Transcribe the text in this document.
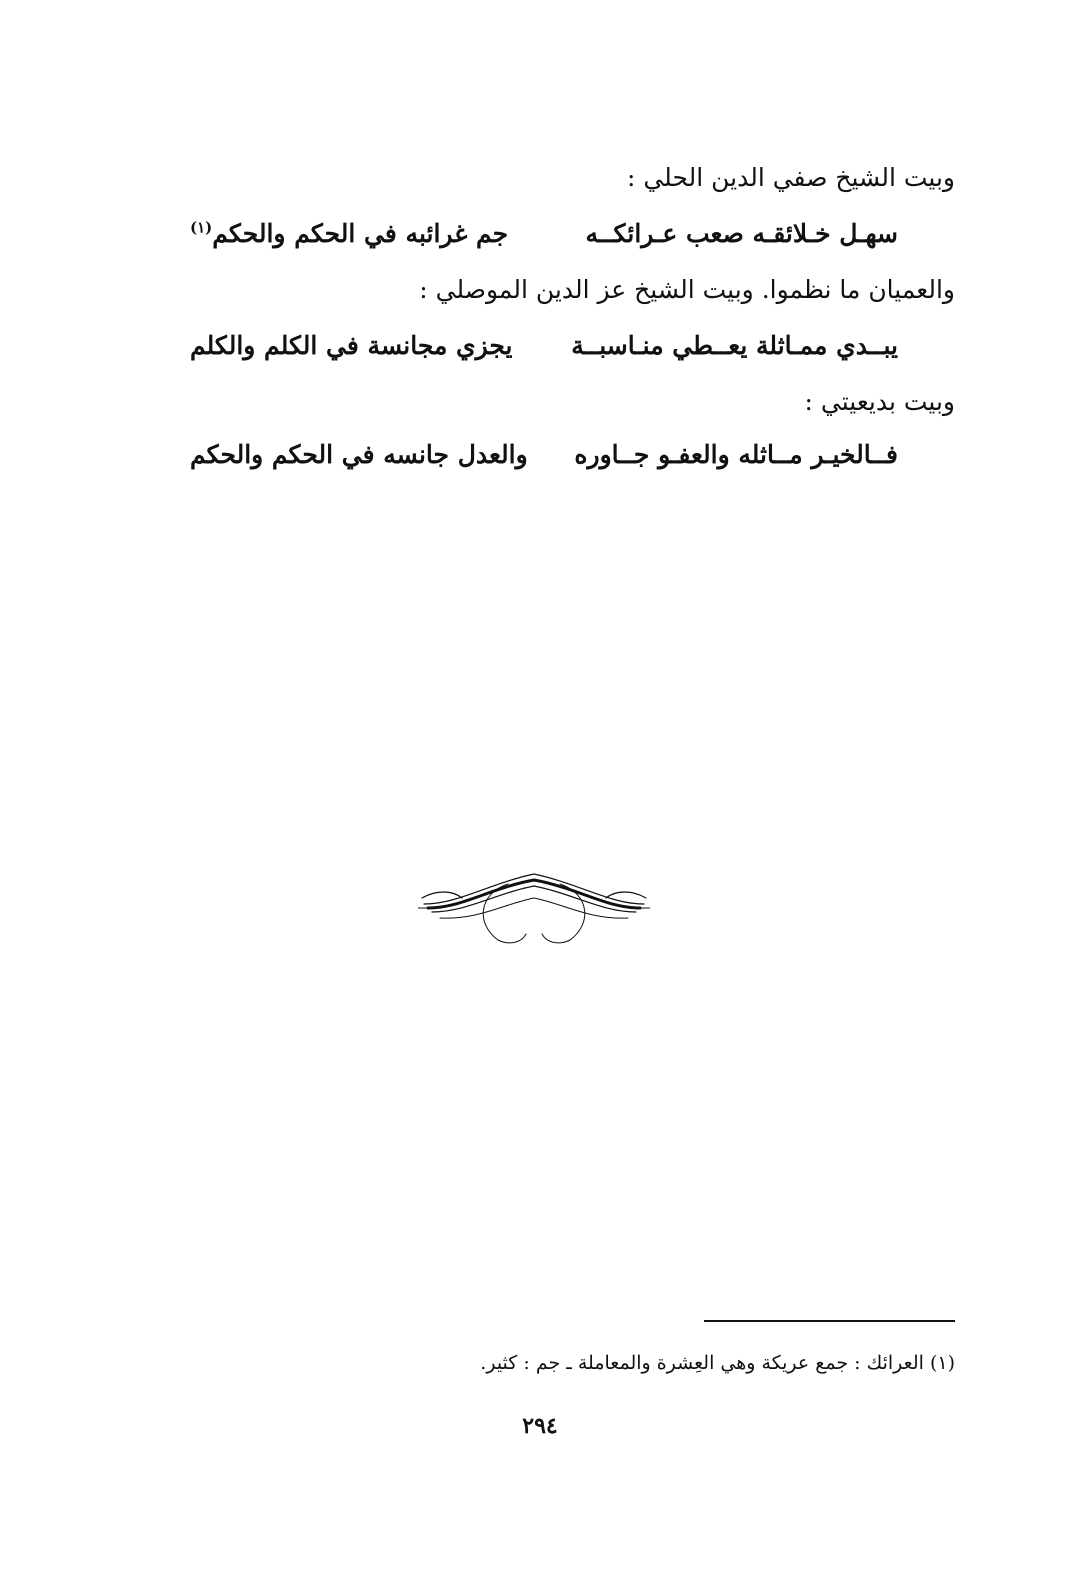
وبيت الشيخ صفي الدين الحلي :
سهـل خـلائقـه صعب عـرائكــه
جم غرائبه في الحكم والحكم$^{(١)}$
والعميان ما نظموا. وبيت الشيخ عز الدين الموصلي :
يبــدي ممـاثلة يعــطي منـاسبــة
يجزي مجانسة في الكلم والكلم
وبيت بديعيتي :
فــالخيـر مــاثله والعفـو جــاوره
والعدل جانسه في الحكم والحكم
(١) العرائك : جمع عريكة وهي العِشرة والمعاملة ـ جم : كثير.
٢٩٤
